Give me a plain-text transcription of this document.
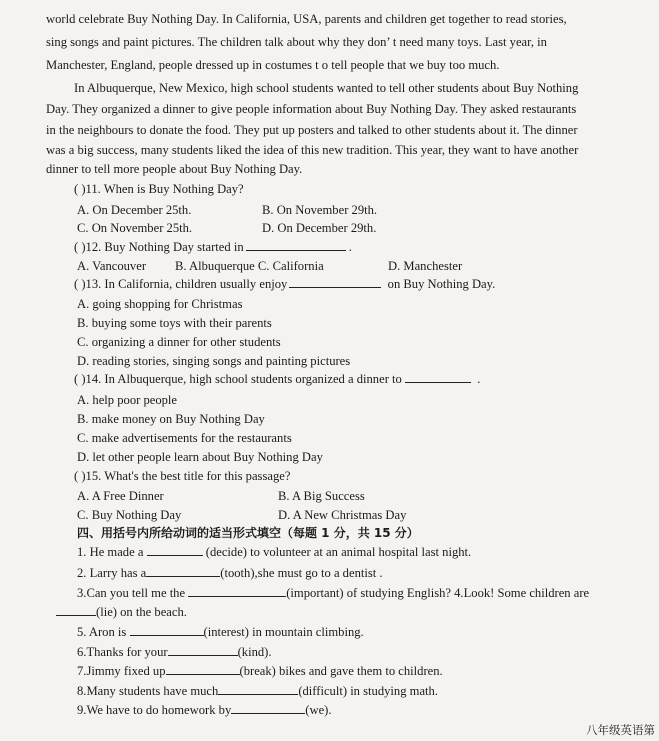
world celebrate Buy Nothing Day. In California, USA, parents and children get together to read stories,
sing songs and paint pictures. The children talk about why they don’ t need many toys. Last year, in
Manchester, England, people dressed up in costumes t o tell people that we buy too much.
In Albuquerque, New Mexico, high school students wanted to tell other students about Buy Nothing
Day. They organized a dinner to give people information about Buy Nothing Day. They asked restaurants
in the neighbours to donate the food. They put up posters and talked to other students about it. The dinner
was a big success, many students liked the idea of this new tradition. This year, they want to have another
dinner to tell more people about Buy Nothing Day.
( )11. When is Buy Nothing Day?
A. On December 25th.	B. On November 29th.
C. On November 25th.	D. On December 29th.
( )12. Buy Nothing Day started in	.
A. Vancouver B. Albuquerque C. California	D. Manchester
( )13. In California, children usually enjoy	on Buy Nothing Day.
A. going shopping for Christmas
B. buying some toys with their parents
C. organizing a dinner for other students
D. reading stories, singing songs and painting pictures
( )14. In Albuquerque, high school students organized a dinner to	.
A. help poor people
B. make money on Buy Nothing Day
C. make advertisements for the restaurants
D. let other people learn about Buy Nothing Day
( )15. What's the best title for this passage?
A. A Free Dinner	B. A Big Success
C. Buy Nothing Day	D. A New Christmas Day
四、用括号内所给动词的适当形式填空（每题 1 分，共 15 分）
1. He made a	(decide) to volunteer at an animal hospital last night.
2. Larry has a	(tooth),she must go to a dentist .
3.Can you tell me the	(important) of studying English? 4.Look! Some children are
(lie) on the beach.
5. Aron is	(interest) in mountain climbing.
6.Thanks for your	(kind).
7.Jimmy fixed up	(break) bikes and gave them to children.
8.Many students have much	(difficult) in studying math.
9.We have to do homework by	(we).
八年级英语第
